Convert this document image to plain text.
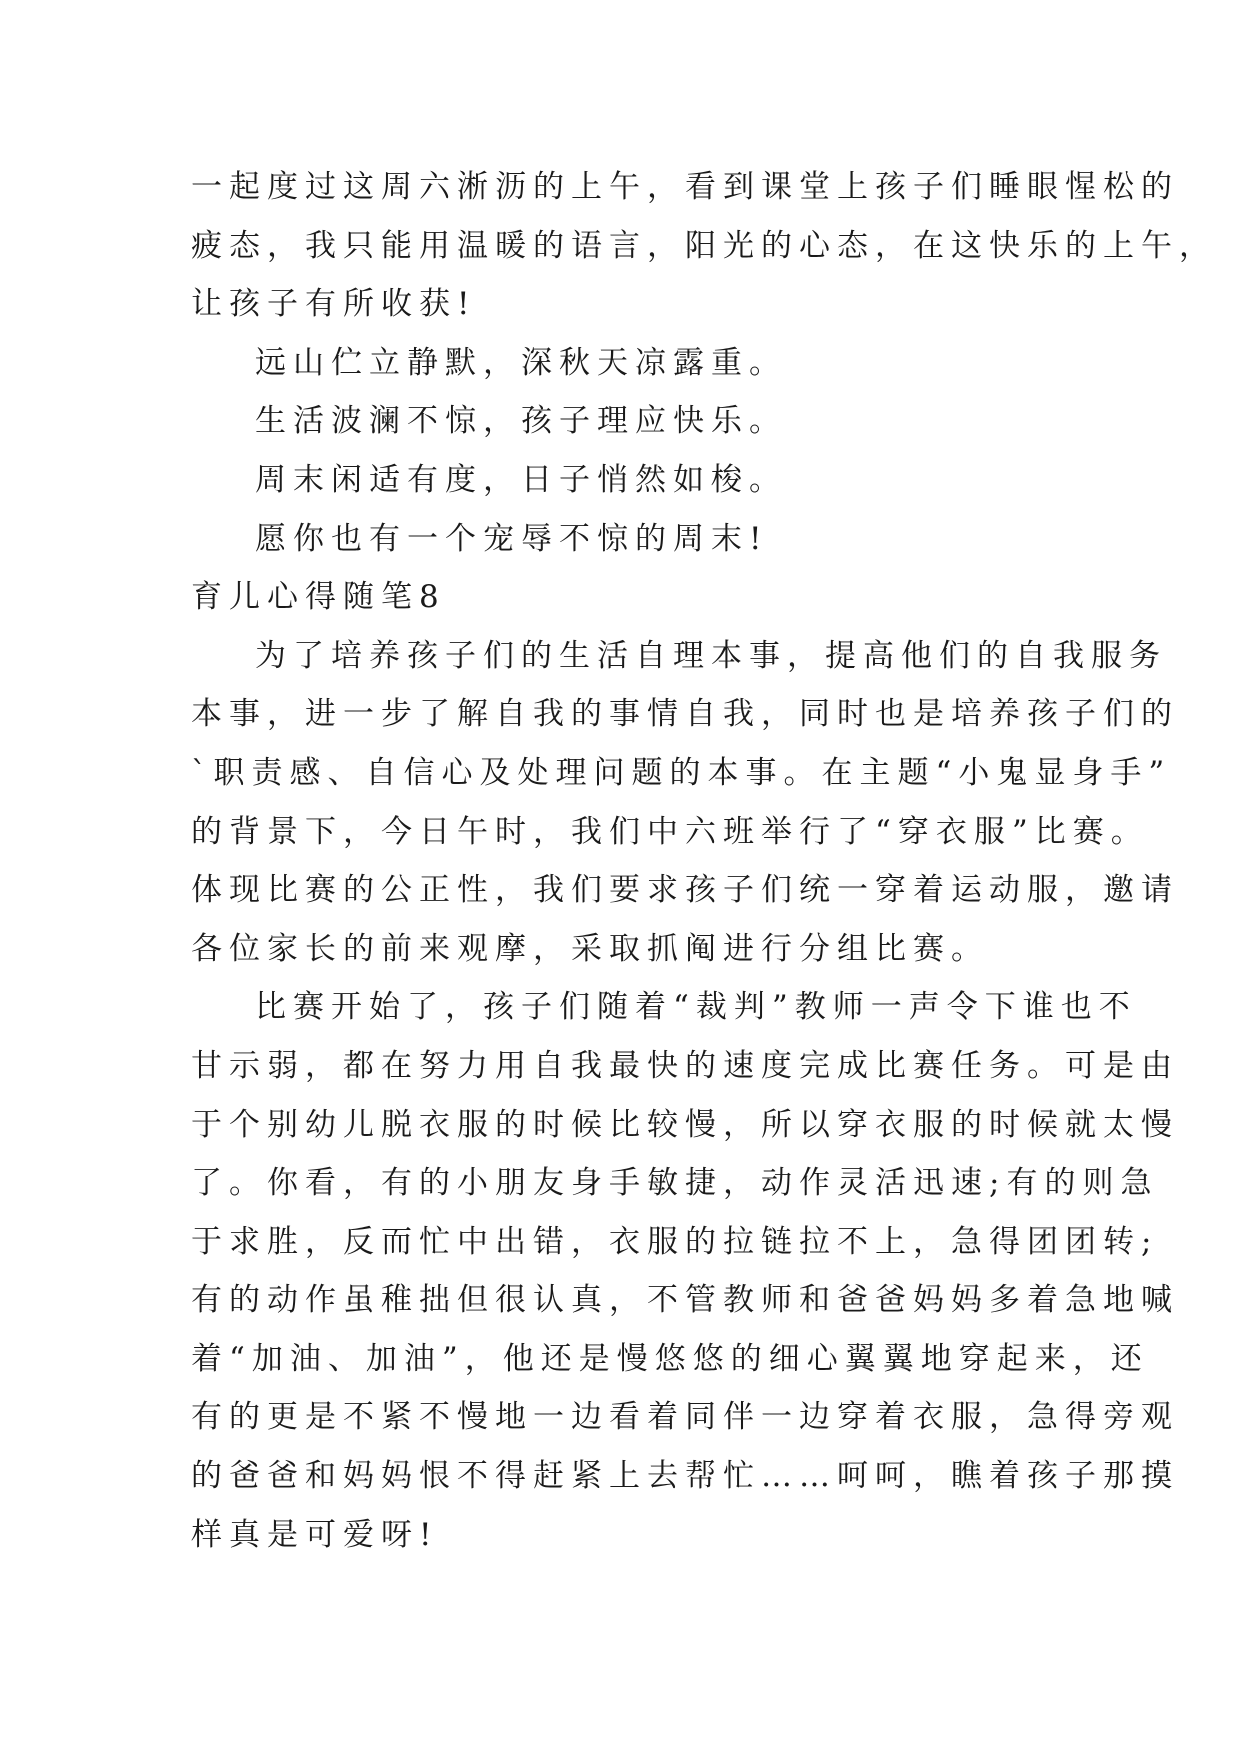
一起度过这周六淅沥的上午，看到课堂上孩子们睡眼惺松的
疲态，我只能用温暖的语言，阳光的心态，在这快乐的上午，
让孩子有所收获!
远山伫立静默，深秋天凉露重。
生活波澜不惊，孩子理应快乐。
周末闲适有度，日子悄然如梭。
愿你也有一个宠辱不惊的周末!
育儿心得随笔8
为了培养孩子们的生活自理本事，提高他们的自我服务
本事，进一步了解自我的事情自我，同时也是培养孩子们的
`职责感、自信心及处理问题的本事。在主题“小鬼显身手”
的背景下，今日午时，我们中六班举行了“穿衣服”比赛。
体现比赛的公正性，我们要求孩子们统一穿着运动服，邀请
各位家长的前来观摩，采取抓阄进行分组比赛。
比赛开始了，孩子们随着“裁判”教师一声令下谁也不
甘示弱，都在努力用自我最快的速度完成比赛任务。可是由
于个别幼儿脱衣服的时候比较慢，所以穿衣服的时候就太慢
了。你看，有的小朋友身手敏捷，动作灵活迅速;有的则急
于求胜，反而忙中出错，衣服的拉链拉不上，急得团团转;
有的动作虽稚拙但很认真，不管教师和爸爸妈妈多着急地喊
着“加油、加油”，他还是慢悠悠的细心翼翼地穿起来，还
有的更是不紧不慢地一边看着同伴一边穿着衣服，急得旁观
的爸爸和妈妈恨不得赶紧上去帮忙……呵呵，瞧着孩子那摸
样真是可爱呀!
